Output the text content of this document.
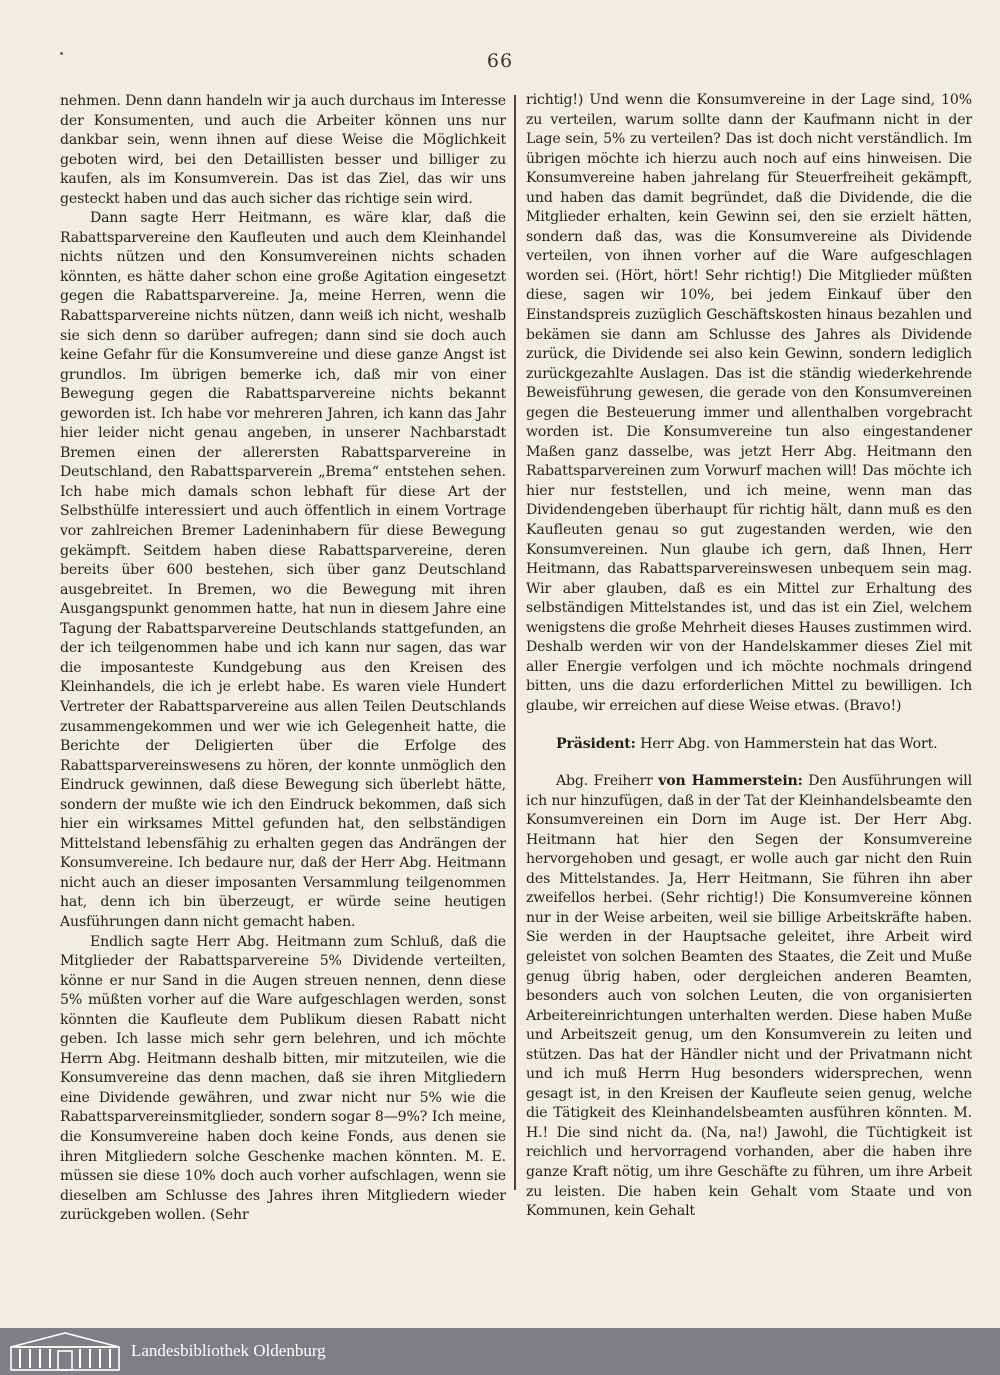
66

nehmen. Denn dann handeln wir ja auch durchaus im Interesse der Konsumenten, und auch die Arbeiter können uns nur dankbar sein, wenn ihnen auf diese Weise die Möglichkeit geboten wird, bei den Detaillisten besser und billiger zu kaufen, als im Konsumverein. Das ist das Ziel, das wir uns gesteckt haben und das auch sicher das richtige sein wird.

Dann sagte Herr Heitmann, es wäre klar, daß die Rabattsparvereine den Kaufleuten und auch dem Kleinhandel nichts nützen und den Konsumvereinen nichts schaden könnten, es hätte daher schon eine große Agitation eingesetzt gegen die Rabattsparvereine. Ja, meine Herren, wenn die Rabattsparvereine nichts nützen, dann weiß ich nicht, weshalb sie sich denn so darüber aufregen; dann sind sie doch auch keine Gefahr für die Konsumvereine und diese ganze Angst ist grundlos. Im übrigen bemerke ich, daß mir von einer Bewegung gegen die Rabattsparvereine nichts bekannt geworden ist. Ich habe vor mehreren Jahren, ich kann das Jahr hier leider nicht genau angeben, in unserer Nachbarstadt Bremen einen der allerersten Rabattsparvereine in Deutschland, den Rabattsparverein „Brema“ entstehen sehen. Ich habe mich damals schon lebhaft für diese Art der Selbsthülfe interessiert und auch öffentlich in einem Vortrage vor zahlreichen Bremer Ladeninhabern für diese Bewegung gekämpft. Seitdem haben diese Rabattsparvereine, deren bereits über 600 bestehen, sich über ganz Deutschland ausgebreitet. In Bremen, wo die Bewegung mit ihren Ausgangspunkt genommen hatte, hat nun in diesem Jahre eine Tagung der Rabattsparvereine Deutschlands stattgefunden, an der ich teilgenommen habe und ich kann nur sagen, das war die imposanteste Kundgebung aus den Kreisen des Kleinhandels, die ich je erlebt habe. Es waren viele Hundert Vertreter der Rabattsparvereine aus allen Teilen Deutschlands zusammengekommen und wer wie ich Gelegenheit hatte, die Berichte der Deligierten über die Erfolge des Rabattsparvereinswesens zu hören, der konnte unmöglich den Eindruck gewinnen, daß diese Bewegung sich überlebt hätte, sondern der mußte wie ich den Eindruck bekommen, daß sich hier ein wirksames Mittel gefunden hat, den selbständigen Mittelstand lebensfähig zu erhalten gegen das Andrängen der Konsumvereine. Ich bedaure nur, daß der Herr Abg. Heitmann nicht auch an dieser imposanten Versammlung teilgenommen hat, denn ich bin überzeugt, er würde seine heutigen Ausführungen dann nicht gemacht haben.

Endlich sagte Herr Abg. Heitmann zum Schluß, daß die Mitglieder der Rabattsparvereine 5% Dividende verteilten, könne er nur Sand in die Augen streuen nennen, denn diese 5% müßten vorher auf die Ware aufgeschlagen werden, sonst könnten die Kaufleute dem Publikum diesen Rabatt nicht geben. Ich lasse mich sehr gern belehren, und ich möchte Herrn Abg. Heitmann deshalb bitten, mir mitzuteilen, wie die Konsumvereine das denn machen, daß sie ihren Mitgliedern eine Dividende gewähren, und zwar nicht nur 5% wie die Rabattsparvereinsmitglieder, sondern sogar 8—9%? Ich meine, die Konsumvereine haben doch keine Fonds, aus denen sie ihren Mitgliedern solche Geschenke machen könnten. M. E. müssen sie diese 10% doch auch vorher aufschlagen, wenn sie dieselben am Schlusse des Jahres ihren Mitgliedern wieder zurückgeben wollen. (Sehr

richtig!) Und wenn die Konsumvereine in der Lage sind, 10% zu verteilen, warum sollte dann der Kaufmann nicht in der Lage sein, 5% zu verteilen? Das ist doch nicht verständlich. Im übrigen möchte ich hierzu auch noch auf eins hinweisen. Die Konsumvereine haben jahrelang für Steuerfreiheit gekämpft, und haben das damit begründet, daß die Dividende, die die Mitglieder erhalten, kein Gewinn sei, den sie erzielt hätten, sondern daß das, was die Konsumvereine als Dividende verteilen, von ihnen vorher auf die Ware aufgeschlagen worden sei. (Hört, hört! Sehr richtig!) Die Mitglieder müßten diese, sagen wir 10%, bei jedem Einkauf über den Einstandspreis zuzüglich Geschäftskosten hinaus bezahlen und bekämen sie dann am Schlusse des Jahres als Dividende zurück, die Dividende sei also kein Gewinn, sondern lediglich zurückgezahlte Auslagen. Das ist die ständig wiederkehrende Beweisführung gewesen, die gerade von den Konsumvereinen gegen die Besteuerung immer und allenthalben vorgebracht worden ist. Die Konsumvereine tun also eingestandener Maßen ganz dasselbe, was jetzt Herr Abg. Heitmann den Rabattsparvereinen zum Vorwurf machen will! Das möchte ich hier nur feststellen, und ich meine, wenn man das Dividendengeben überhaupt für richtig hält, dann muß es den Kaufleuten genau so gut zugestanden werden, wie den Konsumvereinen. Nun glaube ich gern, daß Ihnen, Herr Heitmann, das Rabattsparvereinswesen unbequem sein mag. Wir aber glauben, daß es ein Mittel zur Erhaltung des selbständigen Mittelstandes ist, und das ist ein Ziel, welchem wenigstens die große Mehrheit dieses Hauses zustimmen wird. Deshalb werden wir von der Handelskammer dieses Ziel mit aller Energie verfolgen und ich möchte nochmals dringend bitten, uns die dazu erforderlichen Mittel zu bewilligen. Ich glaube, wir erreichen auf diese Weise etwas. (Bravo!)

Präsident: Herr Abg. von Hammerstein hat das Wort.

Abg. Freiherr von Hammerstein: Den Ausführungen will ich nur hinzufügen, daß in der Tat der Kleinhandelsbeamte den Konsumvereinen ein Dorn im Auge ist. Der Herr Abg. Heitmann hat hier den Segen der Konsumvereine hervorgehoben und gesagt, er wolle auch gar nicht den Ruin des Mittelstandes. Ja, Herr Heitmann, Sie führen ihn aber zweifellos herbei. (Sehr richtig!) Die Konsumvereine können nur in der Weise arbeiten, weil sie billige Arbeitskräfte haben. Sie werden in der Hauptsache geleitet, ihre Arbeit wird geleistet von solchen Beamten des Staates, die Zeit und Muße genug übrig haben, oder dergleichen anderen Beamten, besonders auch von solchen Leuten, die von organisierten Arbeitereinrichtungen unterhalten werden. Diese haben Muße und Arbeitszeit genug, um den Konsumverein zu leiten und stützen. Das hat der Händler nicht und der Privatmann nicht und ich muß Herrn Hug besonders widersprechen, wenn gesagt ist, in den Kreisen der Kaufleute seien genug, welche die Tätigkeit des Kleinhandelsbeamten ausführen könnten. M. H.! Die sind nicht da. (Na, na!) Jawohl, die Tüchtigkeit ist reichlich und hervorragend vorhanden, aber die haben ihre ganze Kraft nötig, um ihre Geschäfte zu führen, um ihre Arbeit zu leisten. Die haben kein Gehalt vom Staate und von Kommunen, kein Gehalt

Landesbibliothek Oldenburg
